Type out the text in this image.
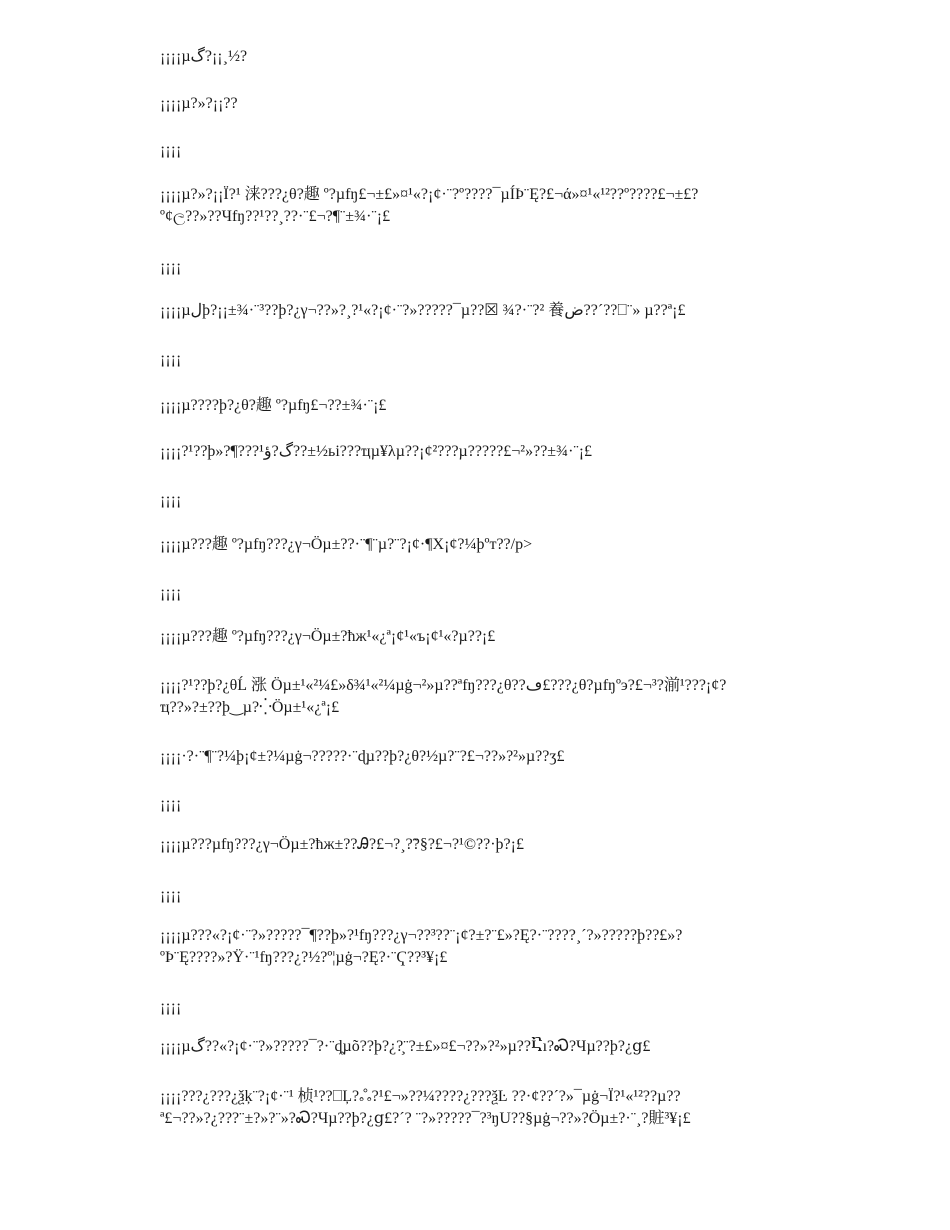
¡¡¡¡µگ?¡¡¸½?

¡¡¡¡µ?»?¡¡??

¡¡¡¡

¡¡¡¡µ?»?¡¡Ï?¹ 涞???¿θ?趣 º?µfŋ£¬±£»¤¹«?¡¢·¨?º????¯µÍÞ¨Ę?£¬ά»¤¹«¹²??º????£¬±£?
º¢ල??»??Чfŋ??¹??¸??·¨£¬?¶¨±¾·¨¡£

¡¡¡¡

¡¡¡¡µلþ?¡¡±¾·¨³??þ?¿γ¬??»?¸?¹«?¡¢·¨?»?????¯µ??☒ ¾?·¨?² 養ض??´??⎕¨» µ??ª¡£

¡¡¡¡

¡¡¡¡µ????þ?¿θ?趣 º?µfŋ£¬??±¾·¨¡£

¡¡¡¡?¹??þ»?¶???¹گ?ؤ??±½ьі???ҵµ¥λµ??¡¢²???µ?????£¬²»??±¾·¨¡£

¡¡¡¡

¡¡¡¡µ???趣 º?µfŋ???¿γ¬Öµ±??·¨¶¨µ?¨?¡¢·¶Χ¡¢?¼þºт??/p>

¡¡¡¡

¡¡¡¡µ???趣 º?µfŋ???¿γ¬Öµ±?ћж¹«¿ª¡¢¹«ъ¡¢¹«?µ??¡£

¡¡¡¡?¹??þ?¿θĹ 涨 Öµ±¹«²¼£»δ¾¹«²¼µġ¬²»µ??ªfŋ???¿θ??ڡ£???¿θ?µfŋºэ?£¬³?湔¹???¡¢?
ҵ??»?±??þ‿µ?⁛Öµ±¹«¿ª¡£

¡¡¡¡·?·¨¶¨?¼þ¡¢±?¼µġ¬?????·¨ɖµ??þ?¿θ?½µ?¨?£¬??»?²»µ??ʒ£

¡¡¡¡

¡¡¡¡µ???µfŋ???¿γ¬Öµ±?ћж±??Ꭿ?£¬?¸?̃?§?£¬?¹©??·þ?¡£

¡¡¡¡

¡¡¡¡µ???«?¡¢·¨?»?????¯¶??þ»?¹fŋ???¿γ¬??³??¨¡¢?±?¨£»?Ę?·¨????¸´?»?????þ??£»?
ºÞ¨Ę????»?Ÿ·¨¹fŋ???¿?½?º¦µġ¬?Ę?·¨Ҁ??³¥¡£

¡¡¡¡

¡¡¡¡µگ??«?¡¢·¨?»?????¯?·¨ȡµõ??þ?¿?̧¨?±£»¤£¬??»?²»µ??Ⴀı?Ꮝ?Чµ??þ?¿ց£

¡¡¡¡???¿???¿ѯķ¨?¡¢·¨¹ 桢¹??⎕Ļ?ஃ?¹£¬»??¼????¿???ѯĿ ??·¢??´?»¯µġ¬Ï?¹«¹²??µ??
ª£¬??»?¿???¨±?»?¨»?Ꮝ?Чµ??þ?¿ց£?´? ¨?»?????¯?³ŋU??§µġ¬??»?Öµ±?·¨¸?賍³¥¡£
